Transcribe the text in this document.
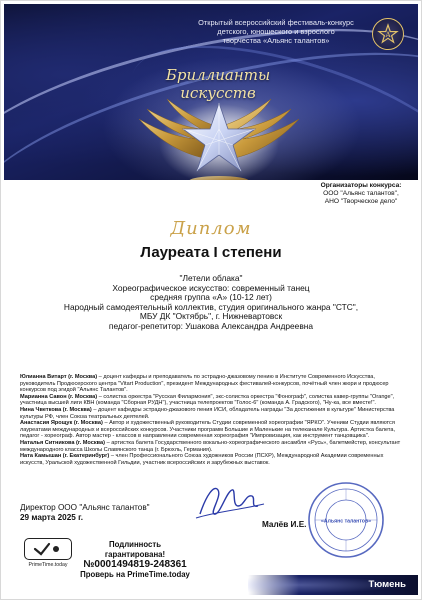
Открытый всероссийский фестиваль-конкурс
детского, юношеского и взрослого
творчества «Альянс талантов»
A
Бриллианты искусств
Организаторы конкурса:
ООО "Альянс талантов",
АНО "Творческое дело"
Диплом
Лауреата I степени
"Летели облака"
Хореографическое искусство: современный танец
средняя группа «A» (10-12 лет)
Народный самодеятельный коллектив, студия оригинального жанра "СТС",
МБУ ДК "Октябрь", г. Нижневартовск
педагог-репетитор: Ушакова Александра Андреевна

Юлианна Витарт (г. Москва) – доцент кафедры и преподаватель по эстрадно-джазовому пению в Институте Современного Искусства, руководитель Продюсерского центра "Vitart Production", президент Международных фестивалей-конкурсов, почётный член жюри и продюсер конкурсов под эгидой "Альянс Талантов".

Марианна Савон (г. Москва) – солистка оркестра "Русская Филармония", экс-солистка оркестра "Фонограф", солистка кавер-группы "Orange", участница высшей лиги КВН (команда "Сборная РУДН"), участница телепроектов "Голос-6" (команда А. Градского), "Ну-ка, все вместе!".

Нина Чветкова (г. Москва) – доцент кафедры эстрадно-джазового пения ИСИ, обладатель награды "За достижения в культуре" Министерства культуры РФ, член Союза театральных деятелей.

Анастасия Ярощук (г. Москва) – Автор и художественный руководитель Студии современной хореографии "ЯРКО". Ученики Студии являются лауреатами международных и всероссийских конкурсов. Участники программ Большие и Маленькие на телеканале Культура. Артистка балета, педагог - хореограф. Автор мастер - классов в направлении современная хореография "Импровизация, как инструмент танцовщика".

Наталья Ситникова (г. Москва) – артистка балета Государственного вокально-хореографического ансамбля «Русь», балетмейстер, консультант международного класса Школы Славянского танца (г. Брюхль, Германия).

Ната Камышан (г. Екатеринбург) – член Профессионального Союза художников России (ПСХР), Международной Академии современных искусств, Уральской художественной Гильдии, участник всероссийских и зарубежных выставок.

Директор ООО "Альянс талантов"
29 марта 2025 г.
Малёв И.Е.	«Альянс талантов»
PrimeTime.today
Подлинность гарантирована!
№0001494819-248361
Проверь на PrimeTime.today
Тюмень
